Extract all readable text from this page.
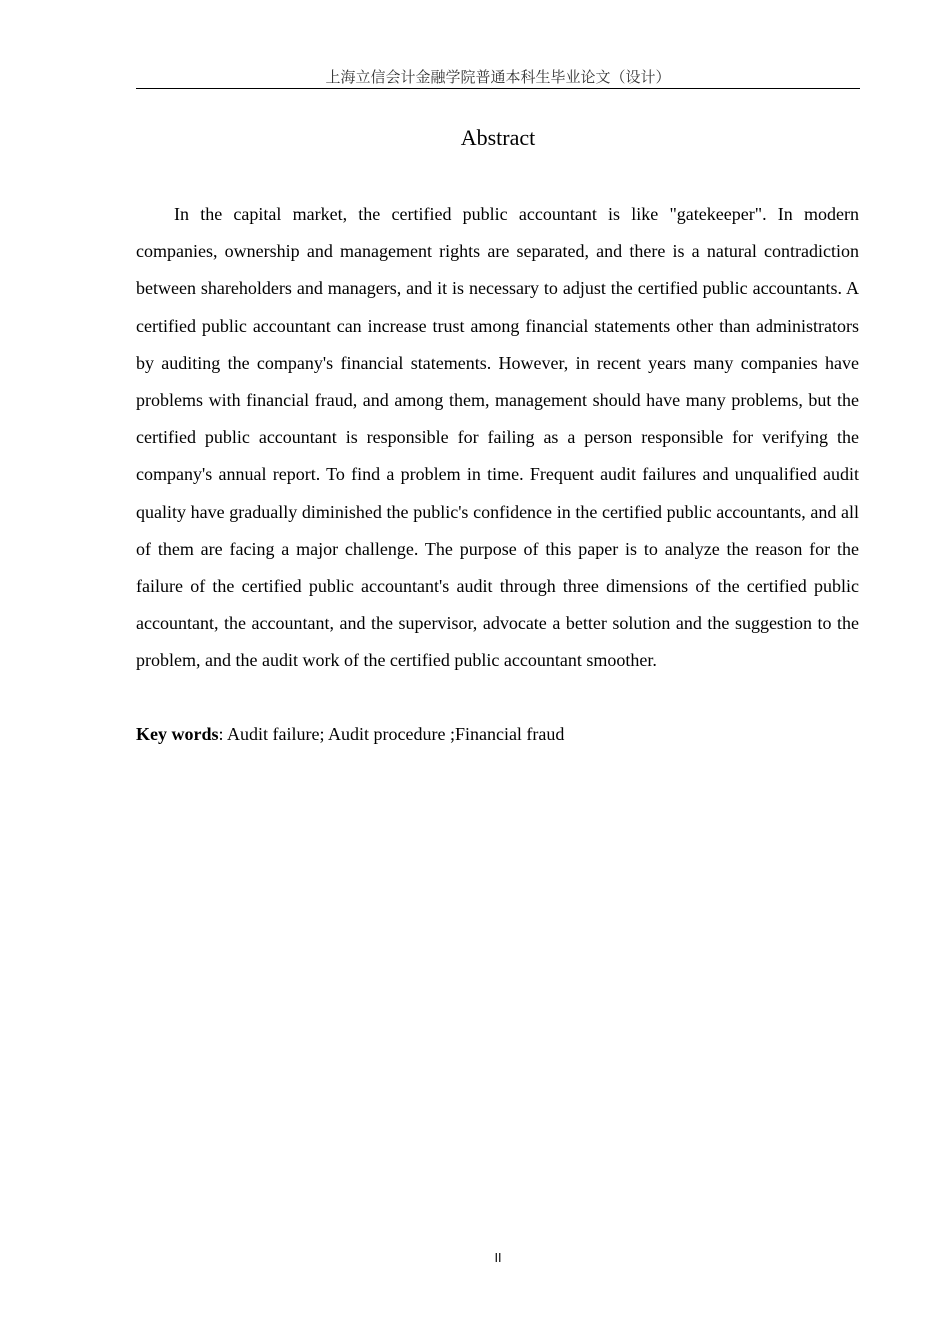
上海立信会计金融学院普通本科生毕业论文（设计）
Abstract

In the capital market, the certified public accountant is like "gatekeeper". In modern companies, ownership and management rights are separated, and there is a natural contradiction between shareholders and managers, and it is necessary to adjust the certified public accountants. A certified public accountant can increase trust among financial statements other than administrators by auditing the company's financial statements. However, in recent years many companies have problems with financial fraud, and among them, management should have many problems, but the certified public accountant is responsible for failing as a person responsible for verifying the company's annual report. To find a problem in time. Frequent audit failures and unqualified audit quality have gradually diminished the public's confidence in the certified public accountants, and all of them are facing a major challenge. The purpose of this paper is to analyze the reason for the failure of the certified public accountant's audit through three dimensions of the certified public accountant, the accountant, and the supervisor, advocate a better solution and the suggestion to the problem, and the audit work of the certified public accountant smoother.

Key words: Audit failure; Audit procedure ;Financial fraud

II
